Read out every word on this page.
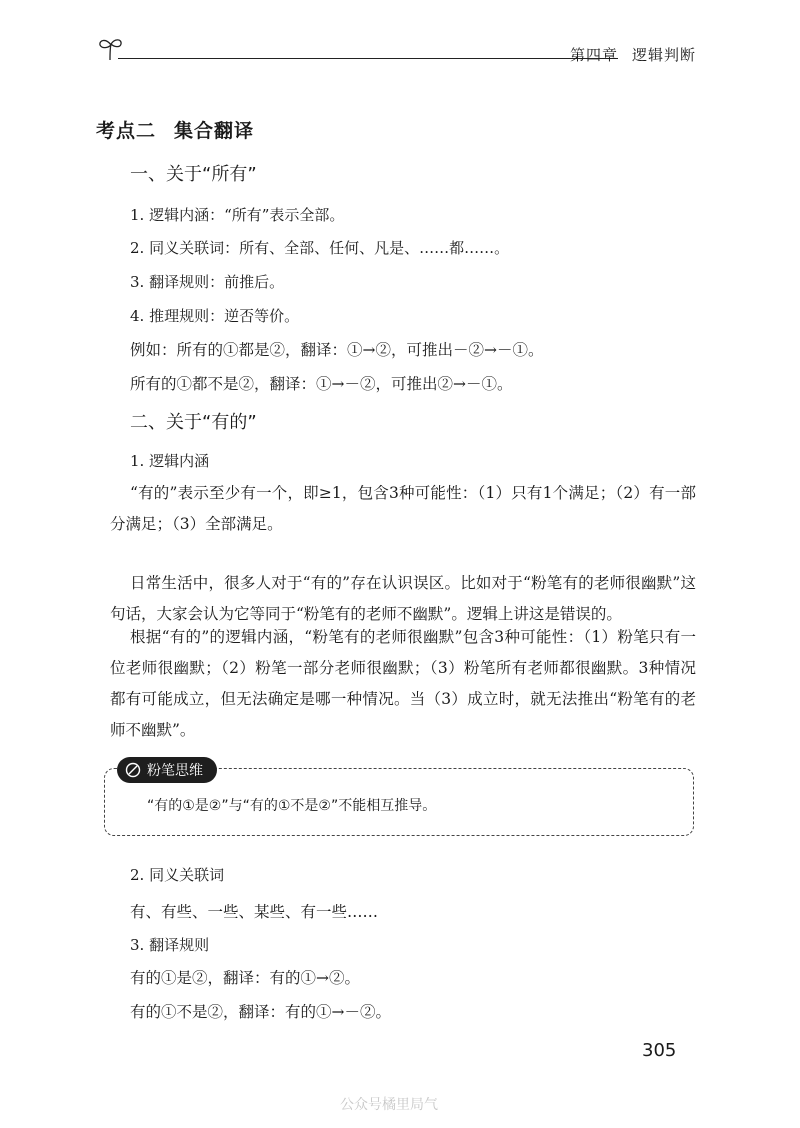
第四章 逻辑判断
考点二 集合翻译
一、关于“所有”
1. 逻辑内涵：“所有”表示全部。
2. 同义关联词：所有、全部、任何、凡是、……都……。
3. 翻译规则：前推后。
4. 推理规则：逆否等价。
例如：所有的①都是②，翻译：①→②，可推出－②→－①。
所有的①都不是②，翻译：①→－②，可推出②→－①。
二、关于“有的”
1. 逻辑内涵
“有的”表示至少有一个，即≥1，包含3种可能性：（1）只有1个满足；（2）有一部分满足；（3）全部满足。
日常生活中，很多人对于“有的”存在认识误区。比如对于“粉笔有的老师很幽默”这句话，大家会认为它等同于“粉笔有的老师不幽默”。逻辑上讲这是错误的。
根据“有的”的逻辑内涵，“粉笔有的老师很幽默”包含3种可能性：（1）粉笔只有一位老师很幽默；（2）粉笔一部分老师很幽默；（3）粉笔所有老师都很幽默。3种情况都有可能成立，但无法确定是哪一种情况。当（3）成立时，就无法推出“粉笔有的老师不幽默”。
粉笔思维
“有的①是②”与“有的①不是②”不能相互推导。
2. 同义关联词
有、有些、一些、某些、有一些……
3. 翻译规则
有的①是②，翻译：有的①→②。
有的①不是②，翻译：有的①→－②。
305
公众号橘里局气
